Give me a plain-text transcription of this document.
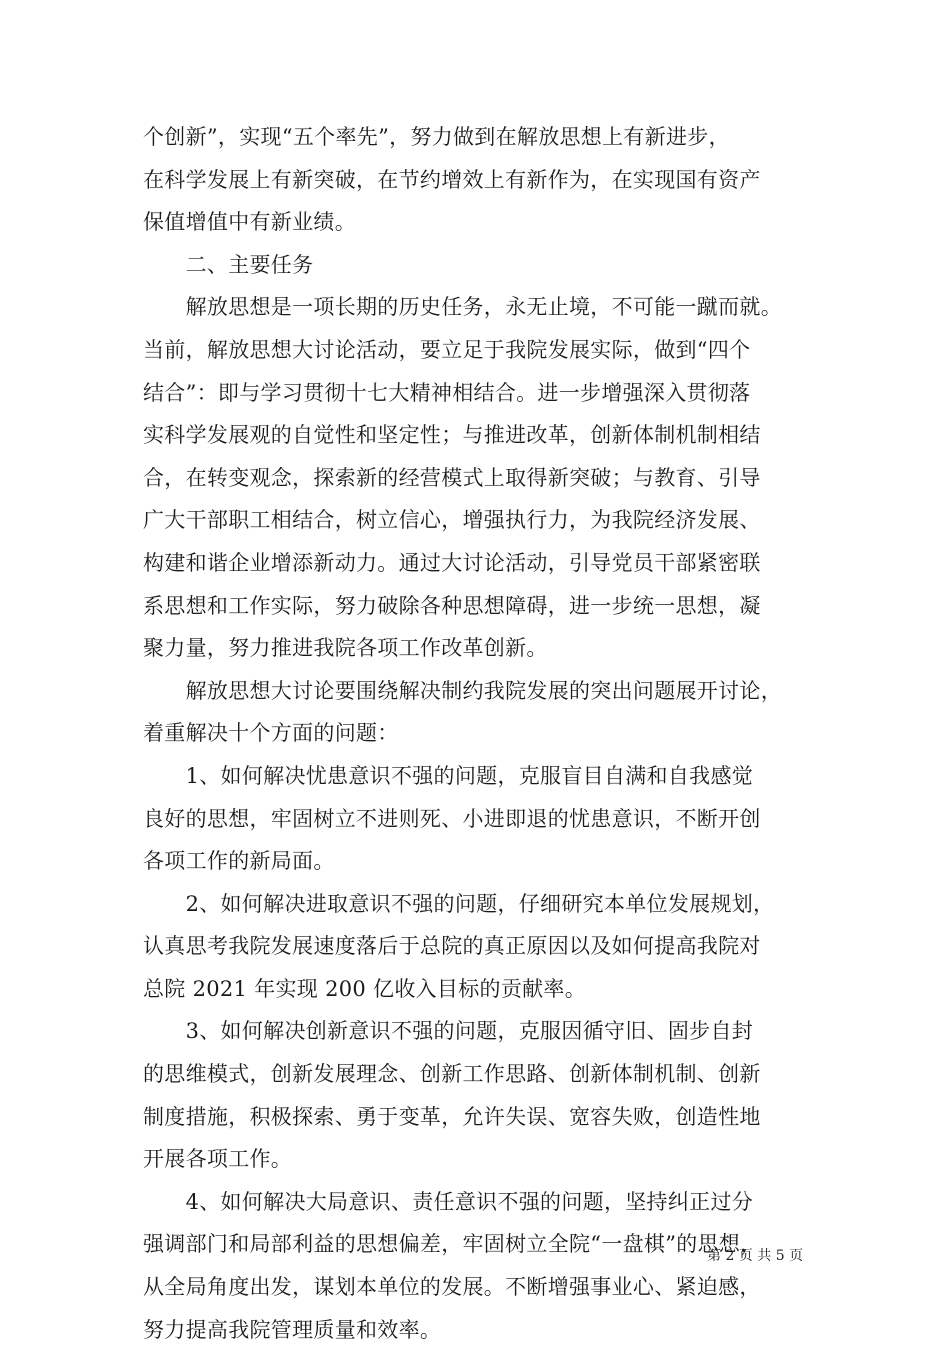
个创新”，实现“五个率先”，努力做到在解放思想上有新进步，
在科学发展上有新突破，在节约增效上有新作为，在实现国有资产
保值增值中有新业绩。
　　二、主要任务
　　解放思想是一项长期的历史任务，永无止境，不可能一蹴而就。
当前，解放思想大讨论活动，要立足于我院发展实际，做到“四个
结合”：即与学习贯彻十七大精神相结合。进一步增强深入贯彻落
实科学发展观的自觉性和坚定性；与推进改革，创新体制机制相结
合，在转变观念，探索新的经营模式上取得新突破；与教育、引导
广大干部职工相结合，树立信心，增强执行力，为我院经济发展、
构建和谐企业增添新动力。通过大讨论活动，引导党员干部紧密联
系思想和工作实际，努力破除各种思想障碍，进一步统一思想，凝
聚力量，努力推进我院各项工作改革创新。
　　解放思想大讨论要围绕解决制约我院发展的突出问题展开讨论，
着重解决十个方面的问题：
　　1、如何解决忧患意识不强的问题，克服盲目自满和自我感觉
良好的思想，牢固树立不进则死、小进即退的忧患意识，不断开创
各项工作的新局面。
　　2、如何解决进取意识不强的问题，仔细研究本单位发展规划，
认真思考我院发展速度落后于总院的真正原因以及如何提高我院对
总院 2021 年实现 200 亿收入目标的贡献率。
　　3、如何解决创新意识不强的问题，克服因循守旧、固步自封
的思维模式，创新发展理念、创新工作思路、创新体制机制、创新
制度措施，积极探索、勇于变革，允许失误、宽容失败，创造性地
开展各项工作。
　　4、如何解决大局意识、责任意识不强的问题，坚持纠正过分
强调部门和局部利益的思想偏差，牢固树立全院“一盘棋”的思想，
从全局角度出发，谋划本单位的发展。不断增强事业心、紧迫感，
努力提高我院管理质量和效率。
第 2 页 共 5 页
